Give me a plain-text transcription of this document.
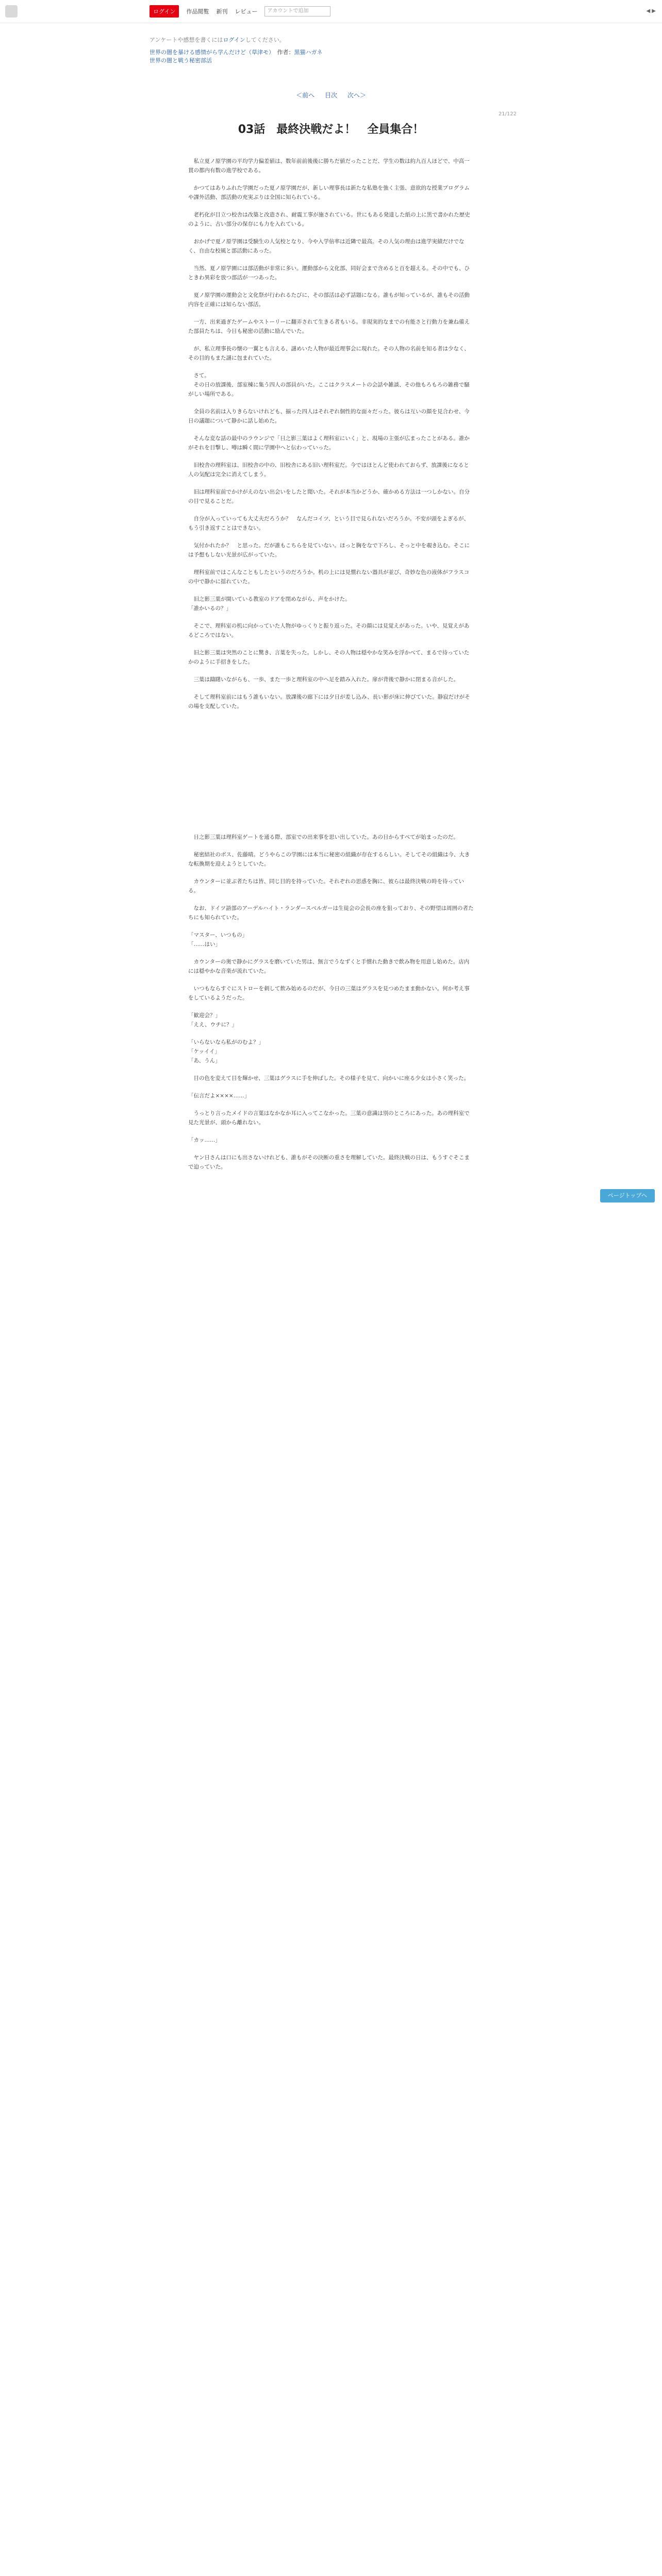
ログイン	作品閲覧 新刊 レビュー	アカウントで追加	◀ ▶
アンケートや感想を書くにはログインしてください。
世界の闇を暴ける感情がら学んだけど（草津モ）　 作者：黒猫ハガネ
世界の闇と戦う秘密部活
＜前へ 目次 次へ＞
21/122
03話　最終決戦だよ！　全員集合！

　私立夏ノ原学園の平均学力偏差値は、数年前前後後に勝ちだ値だったことだ、学生の数は約九百人ほどで、中高一貫の都内有数の進学校である。

　かつてはありふれた学園だった夏ノ原学園だが、新しい理事長は新たな私塾を強く主張、意欲的な授業プログラムや課外活動、部活動の充実ぶりは全国に知られている。

　老朽化が目立つ校舎は改築と改造され、耐震工事が施されている。世にもある発達した紙の上に黒で書かれた歴史のように、古い部分の保存にも力を入れている。

　おかげで夏ノ原学園は受験生の人気校となり、今や入学倍率は近隣で最高。その人気の理由は進学実績だけでなく、自由な校風と部活動にあった。

　当然、夏ノ原学園には部活動が非常に多い。運動部から文化部、同好会まで含めると百を超える。その中でも、ひときわ異彩を放つ部活が一つあった。

　夏ノ原学園の運動会と文化祭が行われるたびに、その部活は必ず話題になる。誰もが知っているが、誰もその活動内容を正確には知らない部活。

　一方、出来過ぎたゲームやストーリーに翻弄されて生きる者もいる。非現実的なまでの有能さと行動力を兼ね備えた部員たちは、今日も秘密の活動に励んでいた。

　が、私立理事長の懐の一翼とも言える、謎めいた人物が最近理事会に現れた。その人物の名前を知る者は少なく、その目的もまた謎に包まれていた。

　さて。
　その日の放課後、部室棟に集う四人の部員がいた。ここはクラスメートの会話や雑談、その他もろもろの雑務で騒がしい場所である。

　全員の名前は入りきらないけれども、揃った四人はそれぞれ個性的な面々だった。彼らは互いの顔を見合わせ、今日の議題について静かに話し始めた。

　そんな変な話の最中のラウンジで「日之影三葉はよく理科室にいく」と、現場の主張が広まったことがある。誰かがそれを目撃し、噂は瞬く間に学園中へと伝わっていった。

　旧校舎の理科室は、旧校舎の中の、旧校舎にある旧い理科室だ。今ではほとんど使われておらず、放課後になると人の気配は完全に消えてしまう。

　旧は理科室前でかけがえのない出会いをしたと聞いた。それが本当かどうか、確かめる方法は一つしかない。自分の目で見ることだ。

　自分が入っていっても大丈夫だろうか？　なんだコイツ、という目で見られないだろうか。不安が頭をよぎるが、もう引き返すことはできない。

　気付かれたか？　と思った。だが誰もこちらを見ていない。ほっと胸をなで下ろし、そっと中を覗き込む。そこには予想もしない光景が広がっていた。

　理科室前ではこんなこともしたというのだろうか。机の上には見慣れない器具が並び、奇妙な色の液体がフラスコの中で静かに揺れていた。

　旧之影三葉が開いている教室のドアを閉めながら、声をかけた。
「誰かいるの？」

　そこで、理科室の机に向かっていた人物がゆっくりと振り返った。その顔には見覚えがあった。いや、見覚えがあるどころではない。

　旧之影三葉は突然のことに驚き、言葉を失った。しかし、その人物は穏やかな笑みを浮かべて、まるで待っていたかのように手招きをした。

　三葉は躊躇いながらも、一歩、また一歩と理科室の中へ足を踏み入れた。扉が背後で静かに閉まる音がした。

　そして理科室前にはもう誰もいない。放課後の廊下には夕日が差し込み、長い影が床に伸びていた。静寂だけがその場を支配していた。

　日之影三葉は理科室ゲートを通る際、部室での出来事を思い出していた。あの日からすべてが始まったのだ。

　秘密結社のボス、佐藤晴。どうやらこの学園には本当に秘密の組織が存在するらしい。そしてその組織は今、大きな転換期を迎えようとしていた。

　カウンターに並ぶ者たちは皆、同じ目的を持っていた。それぞれの思惑を胸に、彼らは最終決戦の時を待っている。

　なお、ドイツ語部のアーデルハイト・ランダースベルガーは生徒会の会長の座を狙っており、その野望は周囲の者たちにも知られていた。

「マスター、いつもの」
「……はい」

　カウンターの奥で静かにグラスを磨いていた男は、無言でうなずくと手慣れた動きで飲み物を用意し始めた。店内には穏やかな音楽が流れていた。

　いつもならすぐにストローを刺して飲み始めるのだが、今日の三葉はグラスを見つめたまま動かない。何か考え事をしているようだった。

「歓迎会？」
「ええ、ウチに？」

「いらないなら私がのむよ？」
「ケッイイ」
「あ、うん」

　目の色を変えて目を輝かせ、三葉はグラスに手を伸ばした。その様子を見て、向かいに座る少女は小さく笑った。

「伝言だよ××××……」

　うっとり言ったメイドの言葉はなかなか耳に入ってこなかった。三葉の意識は別のところにあった。あの理科室で見た光景が、頭から離れない。

「カッ……」

　ヤン日さんは口にも出さないけれども、誰もがその決断の重さを理解していた。最終決戦の日は、もうすぐそこまで迫っていた。

ページトップへ
